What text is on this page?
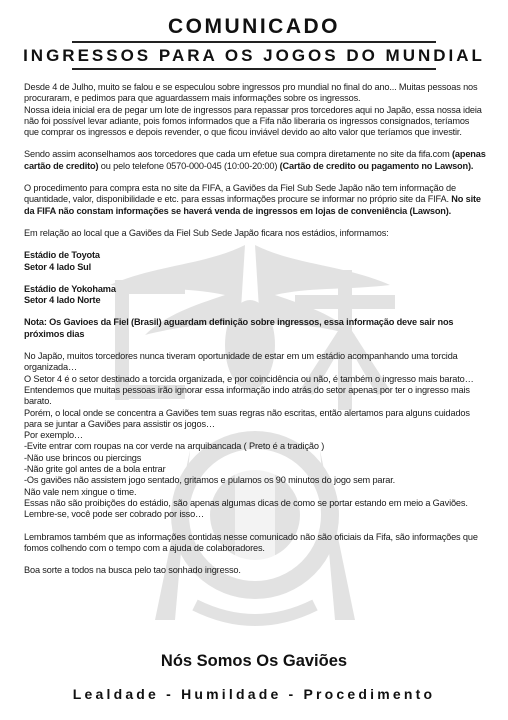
COMUNICADO
INGRESSOS PARA OS JOGOS DO MUNDIAL

Desde 4 de Julho, muito se falou e se especulou sobre ingressos pro mundial no final do ano... Muitas pessoas nos procuraram, e pedimos para que aguardassem mais informações sobre os ingressos.

Nossa ideia inicial era de pegar um lote de ingressos para repassar pros torcedores aqui no Japão, essa nossa ideia não foi possível levar adiante, pois fomos informados que a Fifa não liberaria os ingressos consignados, teríamos que comprar os ingressos e depois revender, o que ficou inviável devido ao alto valor que teríamos que investir.

Sendo assim aconselhamos aos torcedores que cada um efetue sua compra diretamente no site da fifa.com (apenas cartão de credito) ou pelo telefone 0570-000-045 (10:00-20:00) (Cartão de credito ou pagamento no Lawson).

O procedimento para compra esta no site da FIFA, a Gaviões da Fiel Sub Sede Japão não tem informação de quantidade, valor, disponibilidade e etc. para essas informações procure se informar no próprio site da FIFA. No site da FIFA não constam informações se haverá venda de ingressos em lojas de conveniência (Lawson).

Em relação ao local que a Gaviões da Fiel Sub Sede Japão ficara nos estádios, informamos:

Estádio de Toyota

Setor 4 lado Sul

Estádio de Yokohama

Setor 4 lado Norte

Nota: Os Gavioes da Fiel (Brasil) aguardam definição sobre ingressos, essa informação deve sair nos próximos dias

No Japão, muitos torcedores nunca tiveram oportunidade de estar em um estádio acompanhando uma torcida organizada…

O Setor 4 é o setor destinado a torcida organizada, e por coincidência ou não, é também o ingresso mais barato… Entendemos que muitas pessoas irão ignorar essa informação indo atrás do setor apenas por ter o ingresso mais barato.

Porém, o local onde se concentra a Gaviões tem suas regras não escritas, então alertamos para alguns cuidados para se juntar a Gaviões para assistir os jogos…

Por exemplo…

-Evite entrar com roupas na cor verde na arquibancada ( Preto é a tradição )

-Não use brincos ou piercings

-Não grite gol antes de a bola entrar

-Os gaviões não assistem jogo sentado, gritamos e pulamos os 90 minutos do jogo sem parar.

Não vale nem xingue o time.

Essas não são proibições do estádio, são apenas algumas dicas de como se portar estando em meio a Gaviões. Lembre-se, você pode ser cobrado por isso…

Lembramos também que as informações contidas nesse comunicado não são oficiais da Fifa, são informações que fomos colhendo com o tempo com a ajuda de colaboradores.

Boa sorte a todos na busca pelo tao sonhado ingresso.

Nós Somos Os Gaviões
Lealdade - Humildade - Procedimento
